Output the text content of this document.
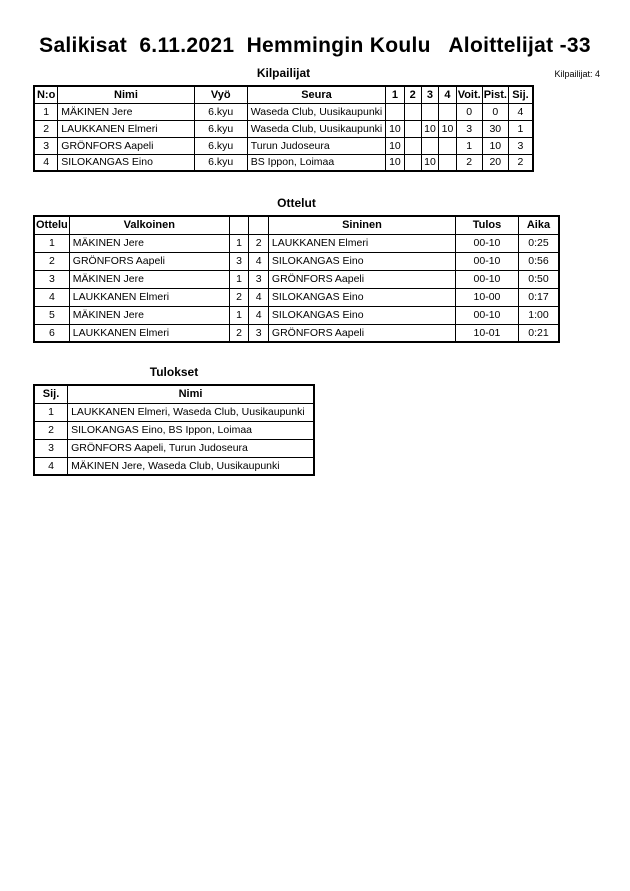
Salikisat  6.11.2021  Hemmingin Koulu   Aloittelijat -33
Kilpailijat	Kilpailijat: 4
N:o	Nimi	Vyö	Seura	1	2	3	4	Voit.	Pist.	Sij.
1	MÄKINEN Jere	6.kyu	Waseda Club, Uusikaupunki					0	0	4
2	LAUKKANEN Elmeri	6.kyu	Waseda Club, Uusikaupunki	10		10	10	3	30	1
3	GRÖNFORS Aapeli	6.kyu	Turun Judoseura	10				1	10	3
4	SILOKANGAS Eino	6.kyu	BS Ippon, Loimaa	10		10		2	20	2
Ottelut
Ottelu	Valkoinen			Sininen	Tulos	Aika
1	MÄKINEN Jere	1	2	LAUKKANEN Elmeri	00-10	0:25
2	GRÖNFORS Aapeli	3	4	SILOKANGAS Eino	00-10	0:56
3	MÄKINEN Jere	1	3	GRÖNFORS Aapeli	00-10	0:50
4	LAUKKANEN Elmeri	2	4	SILOKANGAS Eino	10-00	0:17
5	MÄKINEN Jere	1	4	SILOKANGAS Eino	00-10	1:00
6	LAUKKANEN Elmeri	2	3	GRÖNFORS Aapeli	10-01	0:21
Tulokset
Sij.	Nimi
1	LAUKKANEN Elmeri, Waseda Club, Uusikaupunki
2	SILOKANGAS Eino, BS Ippon, Loimaa
3	GRÖNFORS Aapeli, Turun Judoseura
4	MÄKINEN Jere, Waseda Club, Uusikaupunki
